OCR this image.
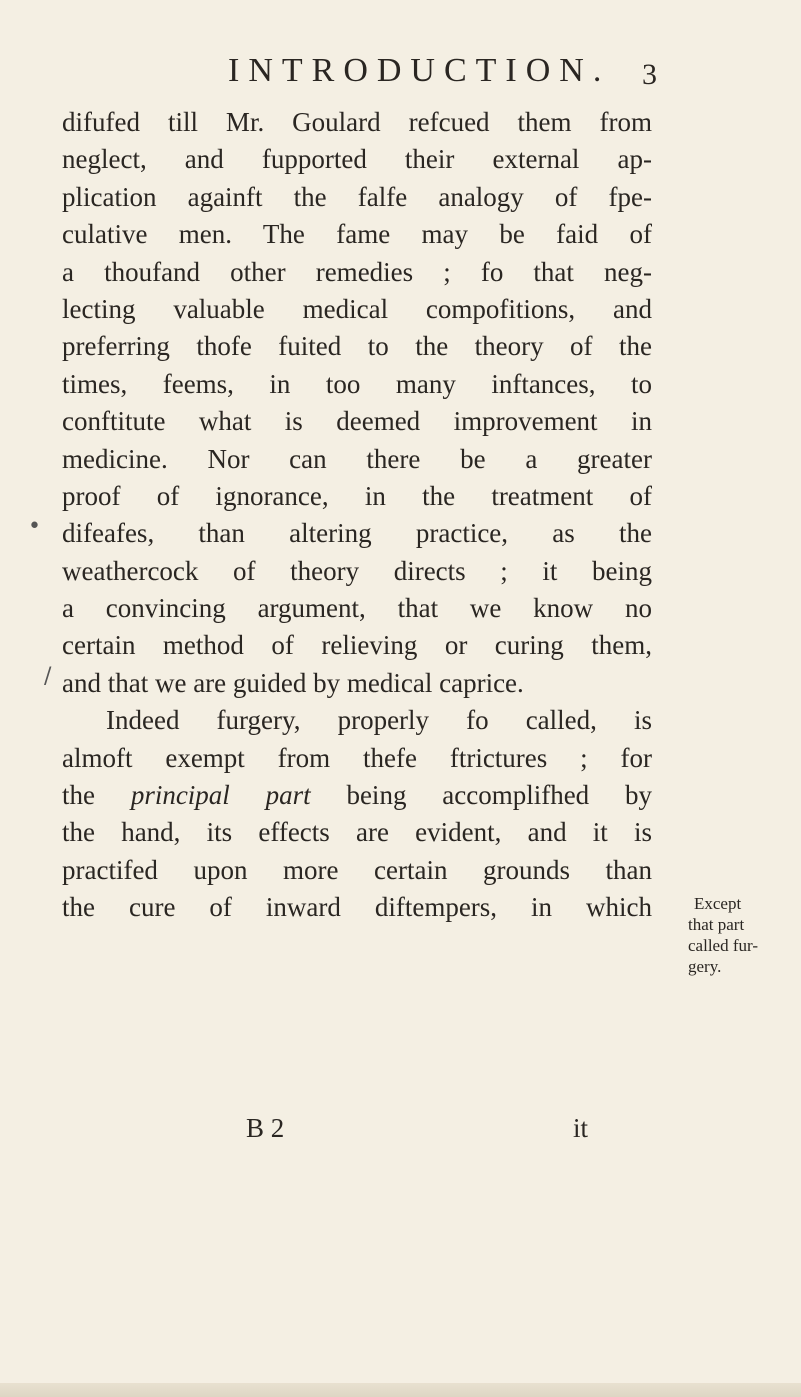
INTRODUCTION. 3
•
/
difufed till Mr. Goulard refcued them from
neglect, and fupported their external ap-
plication againft the falfe analogy of fpe-
culative men. The fame may be faid of
a thoufand other remedies ; fo that neg-
lecting valuable medical compofitions, and
preferring thofe fuited to the theory of the
times, feems, in too many inftances, to
conftitute what is deemed improvement in
medicine. Nor can there be a greater
proof of ignorance, in the treatment of
difeafes, than altering practice, as the
weathercock of theory directs ; it being
a convincing argument, that we know no
certain method of relieving or curing them,
and that we are guided by medical caprice.
Indeed furgery, properly fo called, is
almoft exempt from thefe ftrictures ; for
the principal part being accomplifhed by
the hand, its effects are evident, and it is
practifed upon more certain grounds than
the cure of inward diftempers, in which	Except
that part
called fur-
gery.
B 2	it
